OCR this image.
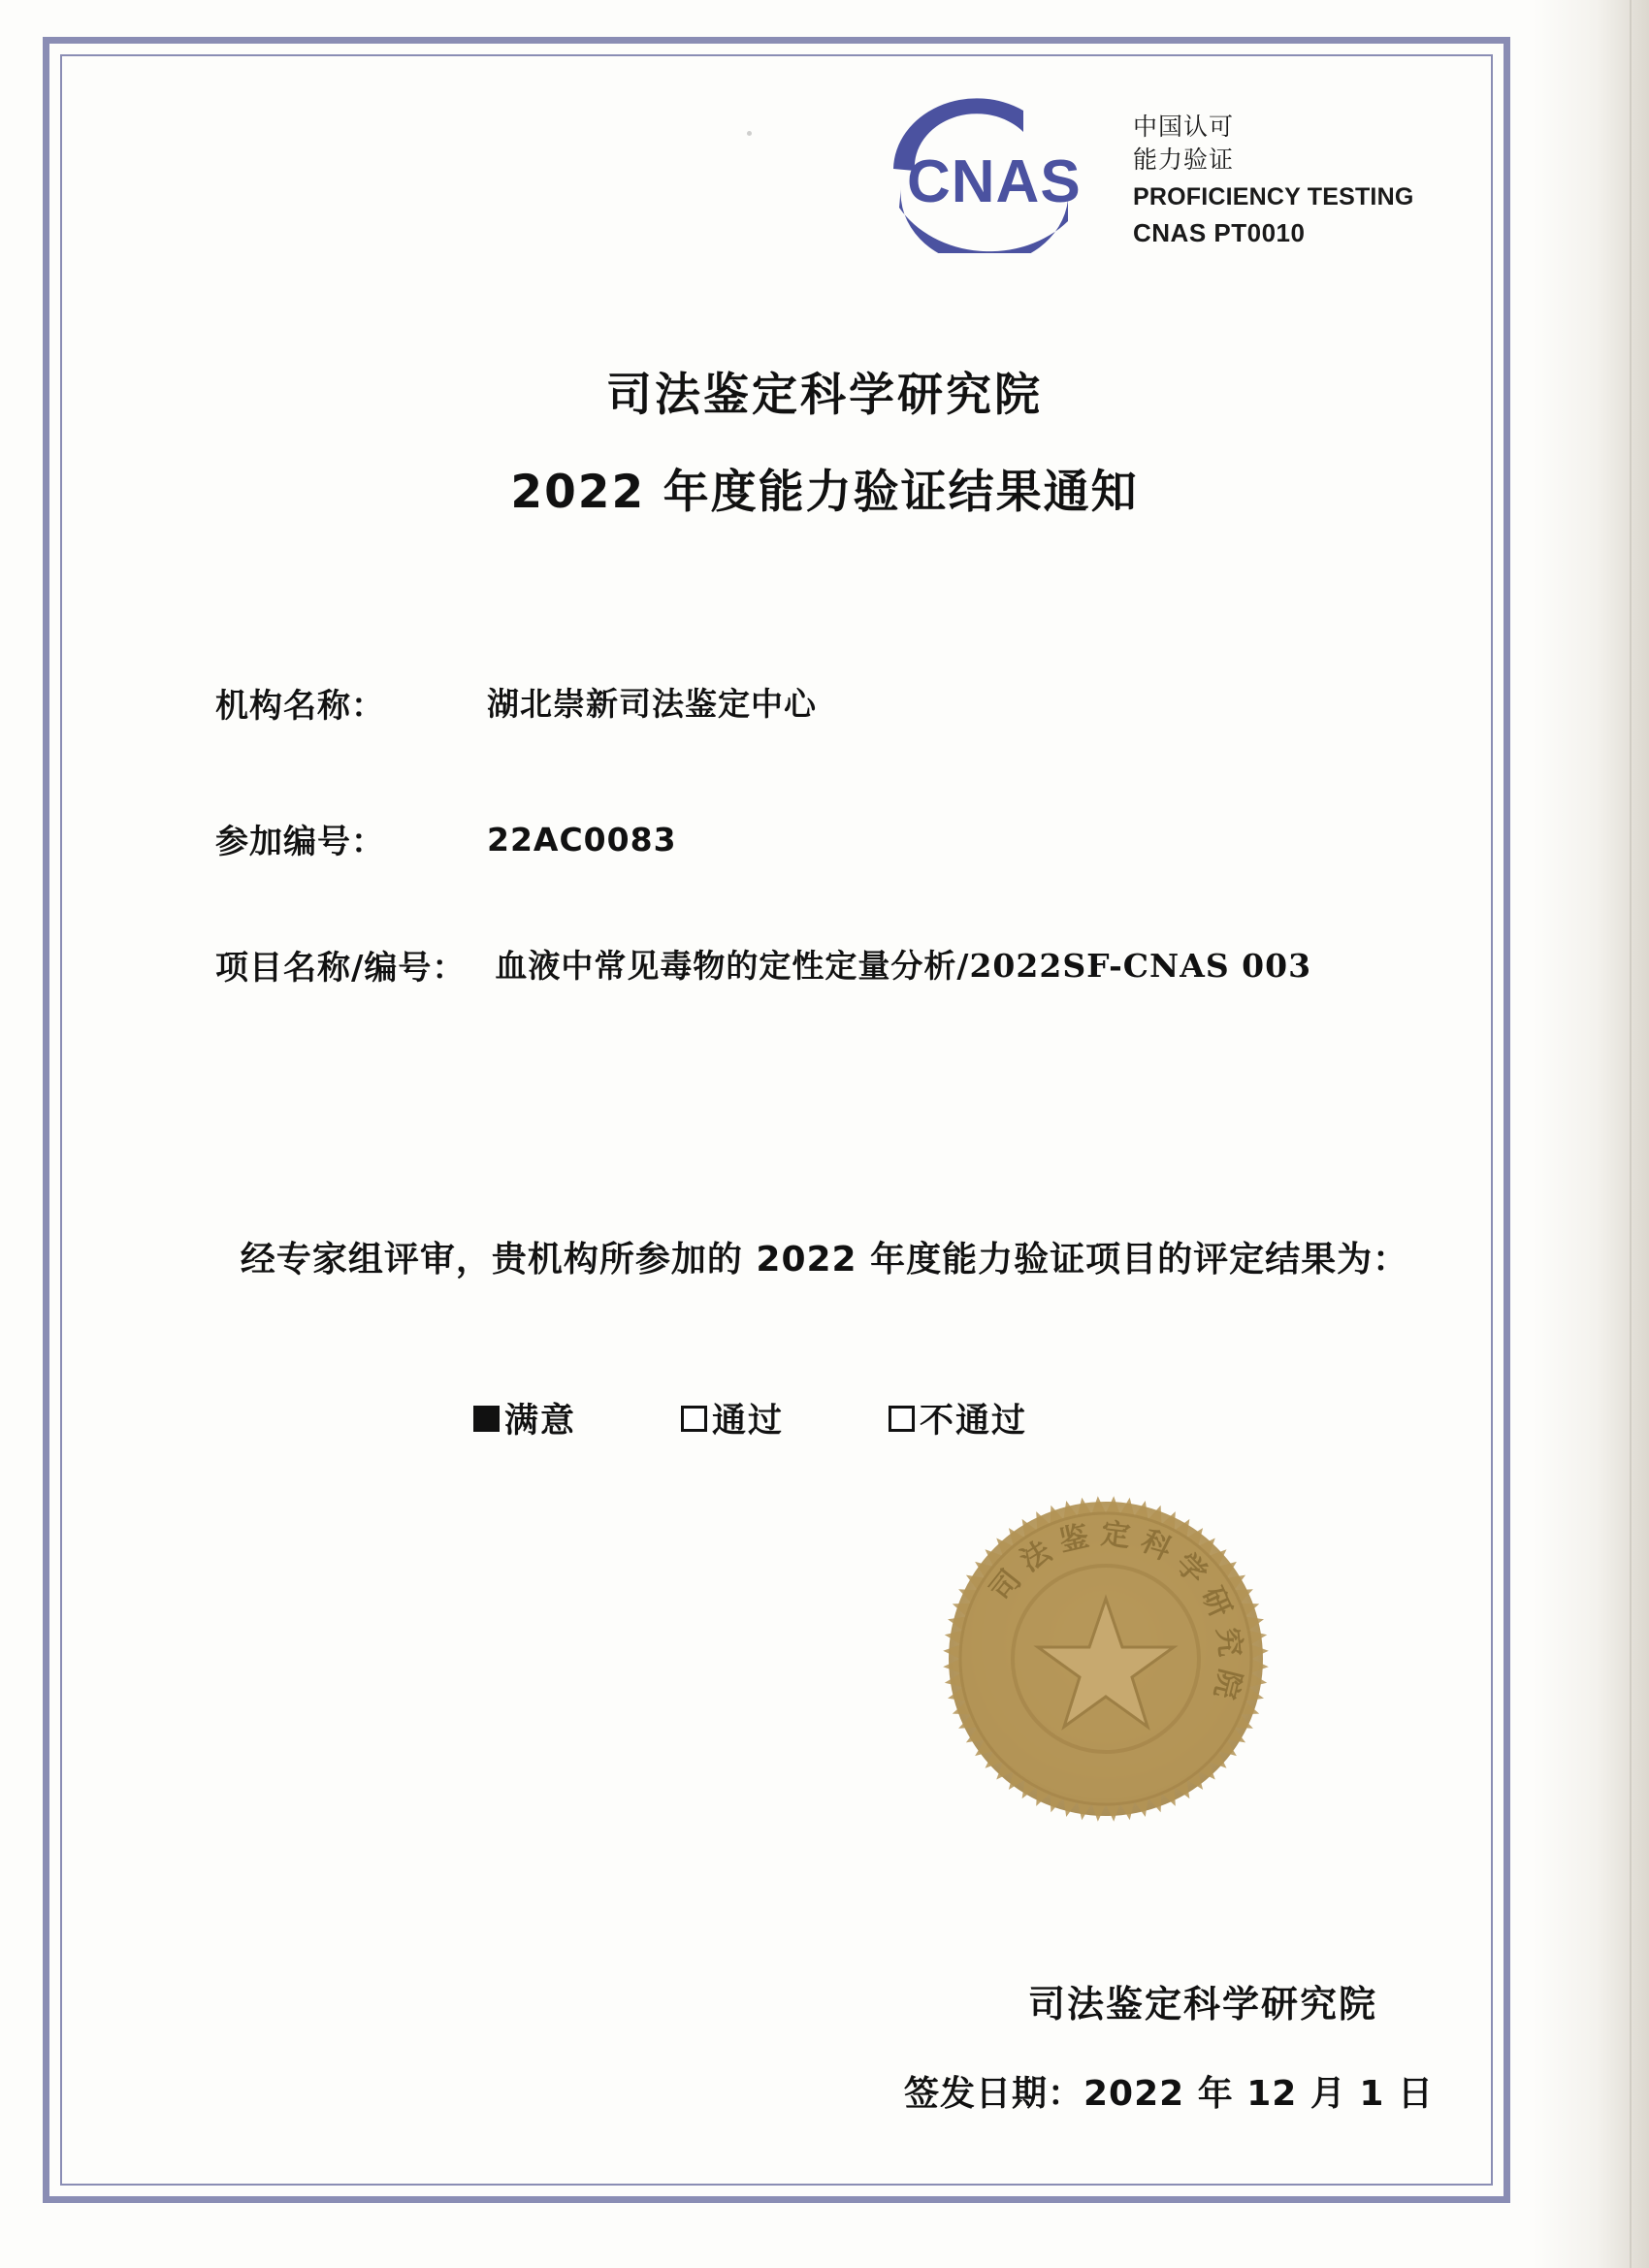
CNAS
中国认可
能力验证
PROFICIENCY TESTING
CNAS PT0010
司法鉴定科学研究院
2022 年度能力验证结果通知
机构名称：	湖北崇新司法鉴定中心
参加编号：	22AC0083
项目名称/编号： 血液中常见毒物的定性定量分析/2022SF-CNAS 003
经专家组评审，贵机构所参加的 2022 年度能力验证项目的评定结果为：
满意	通过	不通过
司法鉴定科学研究院
司法鉴定科学研究院
签发日期：2022 年 12 月 1 日
